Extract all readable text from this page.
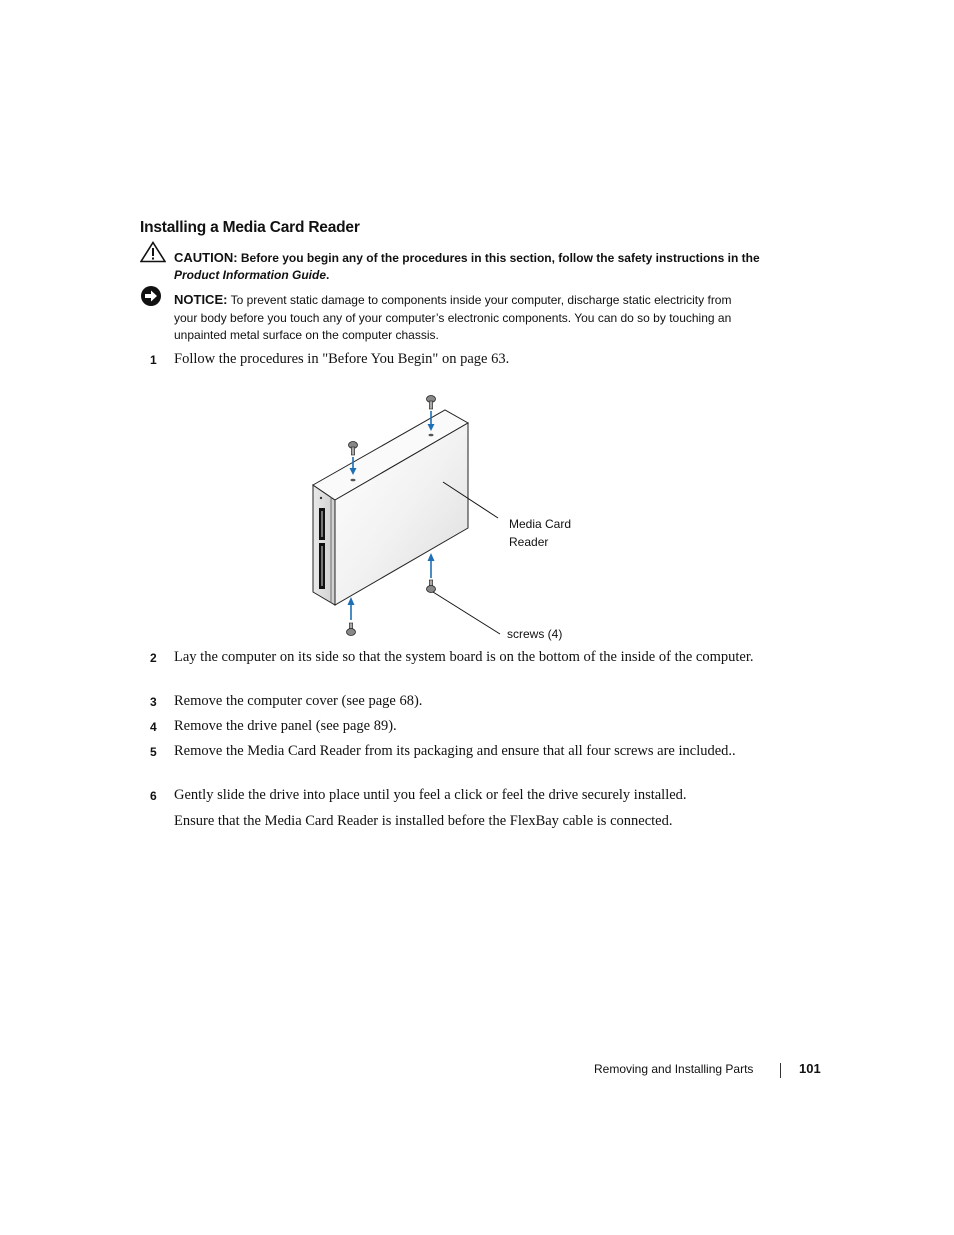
Installing a Media Card Reader
CAUTION: Before you begin any of the procedures in this section, follow the safety instructions in the
Product Information Guide.
NOTICE: To prevent static damage to components inside your computer, discharge static electricity from your body before you touch any of your computer’s electronic components. You can do so by touching an unpainted metal surface on the computer chassis.
1 Follow the procedures in "Before You Begin" on page 63.
Media Card
Reader
screws (4)
2 Lay the computer on its side so that the system board is on the bottom of the inside of the computer.
3 Remove the computer cover (see page 68).
4 Remove the drive panel (see page 89).
5 Remove the Media Card Reader from its packaging and ensure that all four screws are included..
6 Gently slide the drive into place until you feel a click or feel the drive securely installed.
Ensure that the Media Card Reader is installed before the FlexBay cable is connected.
Removing and Installing Parts	101
